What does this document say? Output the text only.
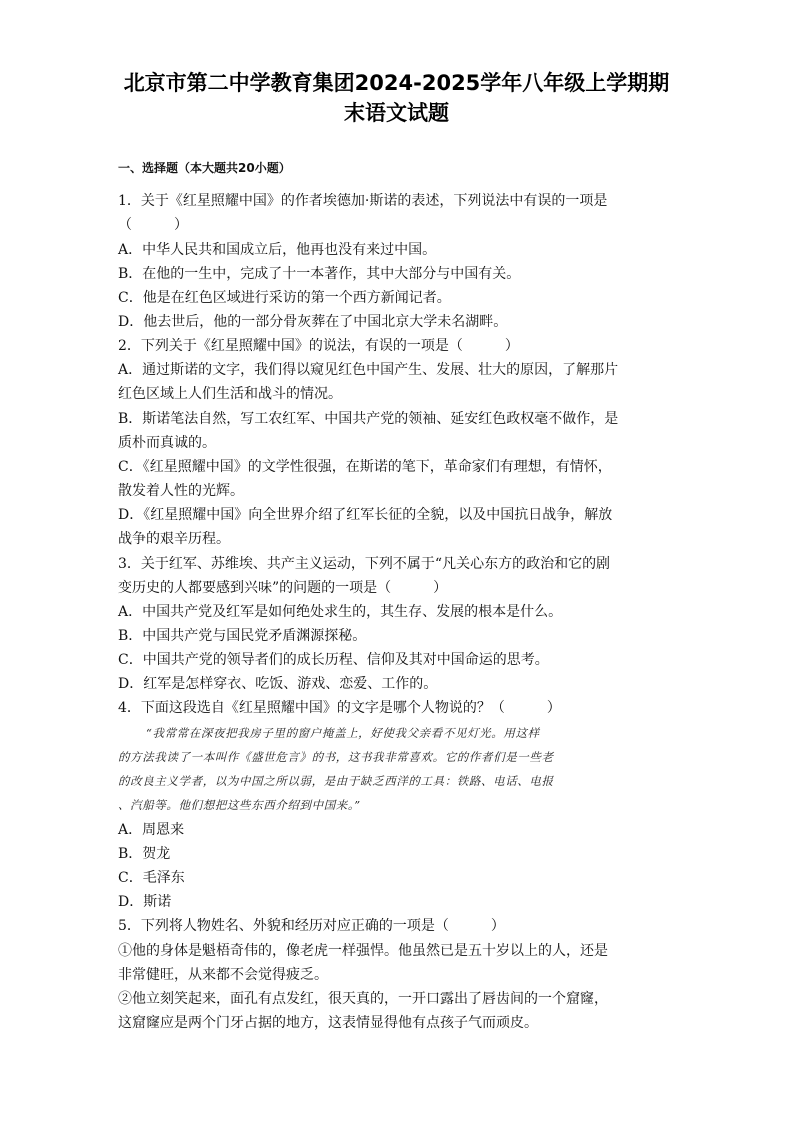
北京市第二中学教育集团2024-2025学年八年级上学期期
末语文试题
一、选择题（本大题共20小题）
1．关于《红星照耀中国》的作者埃德加·斯诺的表述，下列说法中有误的一项是
（　　　）
A．中华人民共和国成立后，他再也没有来过中国。
B．在他的一生中，完成了十一本著作，其中大部分与中国有关。
C．他是在红色区域进行采访的第一个西方新闻记者。
D．他去世后，他的一部分骨灰葬在了中国北京大学未名湖畔。
2．下列关于《红星照耀中国》的说法，有误的一项是（　　　）
A．通过斯诺的文字，我们得以窥见红色中国产生、发展、壮大的原因，了解那片
红色区域上人们生活和战斗的情况。
B．斯诺笔法自然，写工农红军、中国共产党的领袖、延安红色政权毫不做作，是
质朴而真诚的。
C．《红星照耀中国》的文学性很强，在斯诺的笔下，革命家们有理想，有情怀，
散发着人性的光辉。
D．《红星照耀中国》向全世界介绍了红军长征的全貌，以及中国抗日战争，解放
战争的艰辛历程。
3．关于红军、苏维埃、共产主义运动，下列不属于“凡关心东方的政治和它的剧
变历史的人都要感到兴味”的问题的一项是（　　　）
A．中国共产党及红军是如何绝处求生的，其生存、发展的根本是什么。
B．中国共产党与国民党矛盾渊源探秘。
C．中国共产党的领导者们的成长历程、信仰及其对中国命运的思考。
D．红军是怎样穿衣、吃饭、游戏、恋爱、工作的。
4．下面这段选自《红星照耀中国》的文字是哪个人物说的？（　　　）
“我常常在深夜把我房子里的窗户掩盖上，好使我父亲看不见灯光。用这样
的方法我读了一本叫作《盛世危言》的书，这书我非常喜欢。它的作者们是一些老
的改良主义学者，以为中国之所以弱，是由于缺乏西洋的工具：铁路、电话、电报
、汽船等。他们想把这些东西介绍到中国来。”
A．周恩来
B．贺龙
C．毛泽东
D．斯诺
5．下列将人物姓名、外貌和经历对应正确的一项是（　　　）
①他的身体是魁梧奇伟的，像老虎一样强悍。他虽然已是五十岁以上的人，还是
非常健旺，从来都不会觉得疲乏。
②他立刻笑起来，面孔有点发红，很天真的，一开口露出了唇齿间的一个窟窿，
这窟窿应是两个门牙占据的地方，这表情显得他有点孩子气而顽皮。
